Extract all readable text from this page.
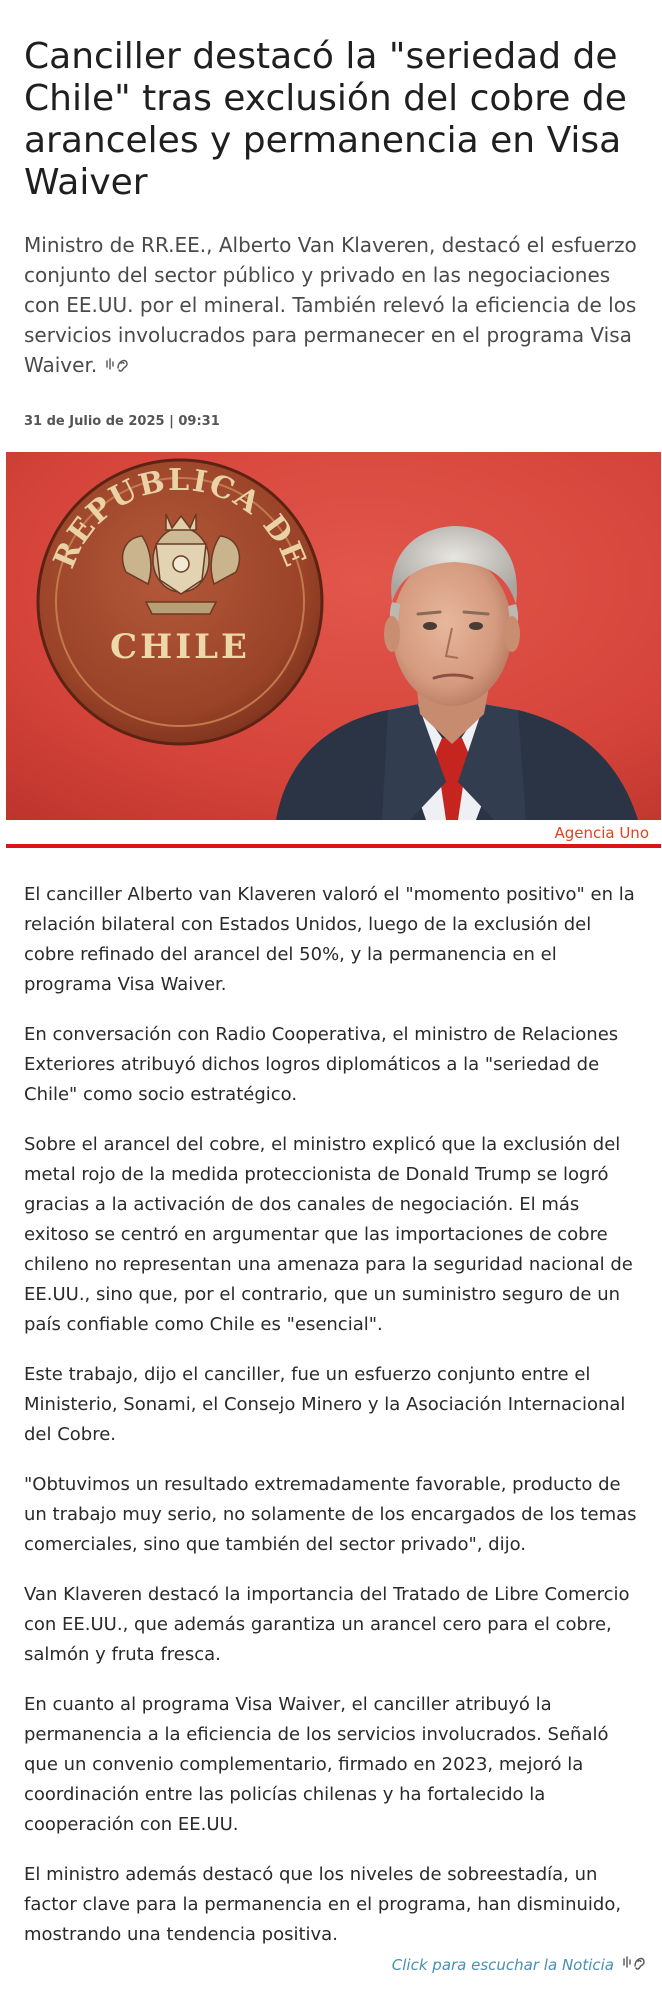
Canciller destacó la "seriedad de Chile" tras exclusión del cobre de aranceles y permanencia en Visa Waiver

Ministro de RR.EE., Alberto Van Klaveren, destacó el esfuerzo conjunto del sector público y privado en las negociaciones con EE.UU. por el mineral. También relevó la eficiencia de los servicios involucrados para permanecer en el programa Visa Waiver.

31 de Julio de 2025 | 09:31
REPUBLICA DE
CHILE
Agencia Uno

El canciller Alberto van Klaveren valoró el "momento positivo" en la relación bilateral con Estados Unidos, luego de la exclusión del cobre refinado del arancel del 50%, y la permanencia en el programa Visa Waiver.

En conversación con Radio Cooperativa, el ministro de Relaciones Exteriores atribuyó dichos logros diplomáticos a la "seriedad de Chile" como socio estratégico.

Sobre el arancel del cobre, el ministro explicó que la exclusión del metal rojo de la medida proteccionista de Donald Trump se logró gracias a la activación de dos canales de negociación. El más exitoso se centró en argumentar que las importaciones de cobre chileno no representan una amenaza para la seguridad nacional de EE.UU., sino que, por el contrario, que un suministro seguro de un país confiable como Chile es "esencial".

Este trabajo, dijo el canciller, fue un esfuerzo conjunto entre el Ministerio, Sonami, el Consejo Minero y la Asociación Internacional del Cobre.

"Obtuvimos un resultado extremadamente favorable, producto de un trabajo muy serio, no solamente de los encargados de los temas comerciales, sino que también del sector privado", dijo.

Van Klaveren destacó la importancia del Tratado de Libre Comercio con EE.UU., que además garantiza un arancel cero para el cobre, salmón y fruta fresca.

En cuanto al programa Visa Waiver, el canciller atribuyó la permanencia a la eficiencia de los servicios involucrados. Señaló que un convenio complementario, firmado en 2023, mejoró la coordinación entre las policías chilenas y ha fortalecido la cooperación con EE.UU.

El ministro además destacó que los niveles de sobreestadía, un factor clave para la permanencia en el programa, han disminuido, mostrando una tendencia positiva.

Click para escuchar la Noticia
